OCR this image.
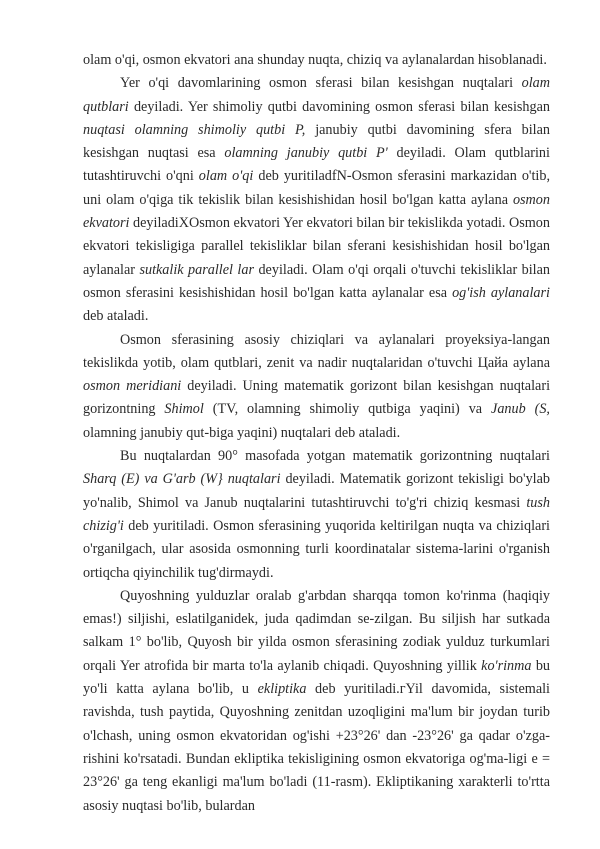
olam o'qi, osmon ekvatori ana shunday nuqta, chiziq va aylanalardan hisoblanadi.

Yer o'qi davomlarining osmon sferasi bilan kesishgan nuqtalari olam qutblari deyiladi. Yer shimoliy qutbi davomining osmon sferasi bilan kesishgan nuqtasi olamning shimoliy qutbi P, janubiy qutbi davomining sfera bilan kesishgan nuqtasi esa olamning janubiy qutbi P' deyiladi. Olam qutblarini tutashtiruvchi o'qni olam o'qi deb yuritiladfN-Osmon sferasini markazidan o'tib, uni olam o'qiga tik tekislik bilan kesishishidan hosil bo'lgan katta aylana osmon ekvatori deyiladiXOsmon ekvatori Yer ekvatori bilan bir tekislikda yotadi. Osmon ekvatori tekisligiga parallel tekisliklar bilan sferani kesishishidan hosil bo'lgan aylanalar sutkalik parallel lar deyiladi. Olam o'qi orqali o'tuvchi tekisliklar bilan osmon sferasini kesishishidan hosil bo'lgan katta aylanalar esa og'ish aylanalari deb ataladi.

Osmon sferasining asosiy chiziqlari va aylanalari proyeksiya-langan tekislikda yotib, olam qutblari, zenit va nadir nuqtalaridan o'tuvchi Цайа aylana osmon meridiani deyiladi. Uning matematik gorizont bilan kesishgan nuqtalari gorizontning Shimol (TV, olamning shimoliy qutbiga yaqini) va Janub (S, olamning janubiy qut-biga yaqini) nuqtalari deb ataladi.

Bu nuqtalardan 90° masofada yotgan matematik gorizontning nuqtalari Sharq (E) va G'arb (W} nuqtalari deyiladi. Matematik gorizont tekisligi bo'ylab yo'nalib, Shimol va Janub nuqtalarini tutashtiruvchi to'g'ri chiziq kesmasi tush chizig'i deb yuritiladi. Osmon sferasining yuqorida keltirilgan nuqta va chiziqlari o'rganilgach, ular asosida osmonning turli koordinatalar sistema-larini o'rganish ortiqcha qiyinchilik tug'dirmaydi.

Quyoshning yulduzlar oralab g'arbdan sharqqa tomon ko'rinma (haqiqiy emas!) siljishi, eslatilganidek, juda qadimdan se-zilgan. Bu siljish har sutkada salkam 1° bo'lib, Quyosh bir yilda osmon sferasining zodiak yulduz turkumlari orqali Yer atrofida bir marta to'la aylanib chiqadi. Quyoshning yillik ko'rinma bu yo'li katta aylana bo'lib, u ekliptika deb yuritiladi.гYil davomida, sistemali ravishda, tush paytida, Quyoshning zenitdan uzoqligini ma'lum bir joydan turib o'lchash, uning osmon ekvatoridan og'ishi +23°26' dan -23°26' ga qadar o'zga-rishini ko'rsatadi. Bundan ekliptika tekisligining osmon ekvatoriga og'ma-ligi e = 23°26' ga teng ekanligi ma'lum bo'ladi (11-rasm). Ekliptikaning xarakterli to'rtta asosiy nuqtasi bo'lib, bulardan
